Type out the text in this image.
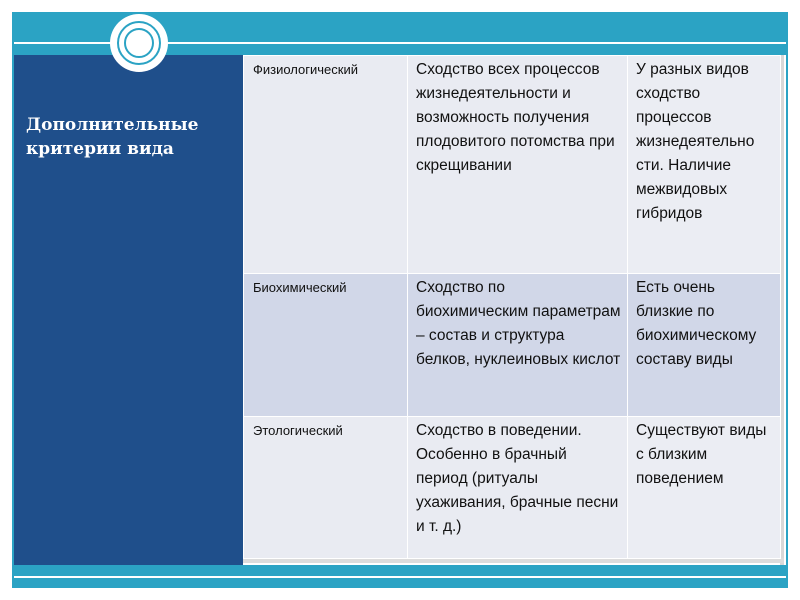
Дополнительные критерии вида
Физиологический	Сходство всех процессов жизнедеятельности и возможность получения плодовитого потомства при скрещивании	У разных видов сходство процессов жизнедеятельно сти. Наличие межвидовых гибридов
Биохимический	Сходство по биохимическим параметрам – состав и структура белков, нуклеиновых кислот	Есть очень близкие по биохимическому составу виды
Этологический	Сходство в поведении. Особенно в брачный период (ритуалы ухаживания, брачные песни и т. д.)	Существуют виды с близким поведением
